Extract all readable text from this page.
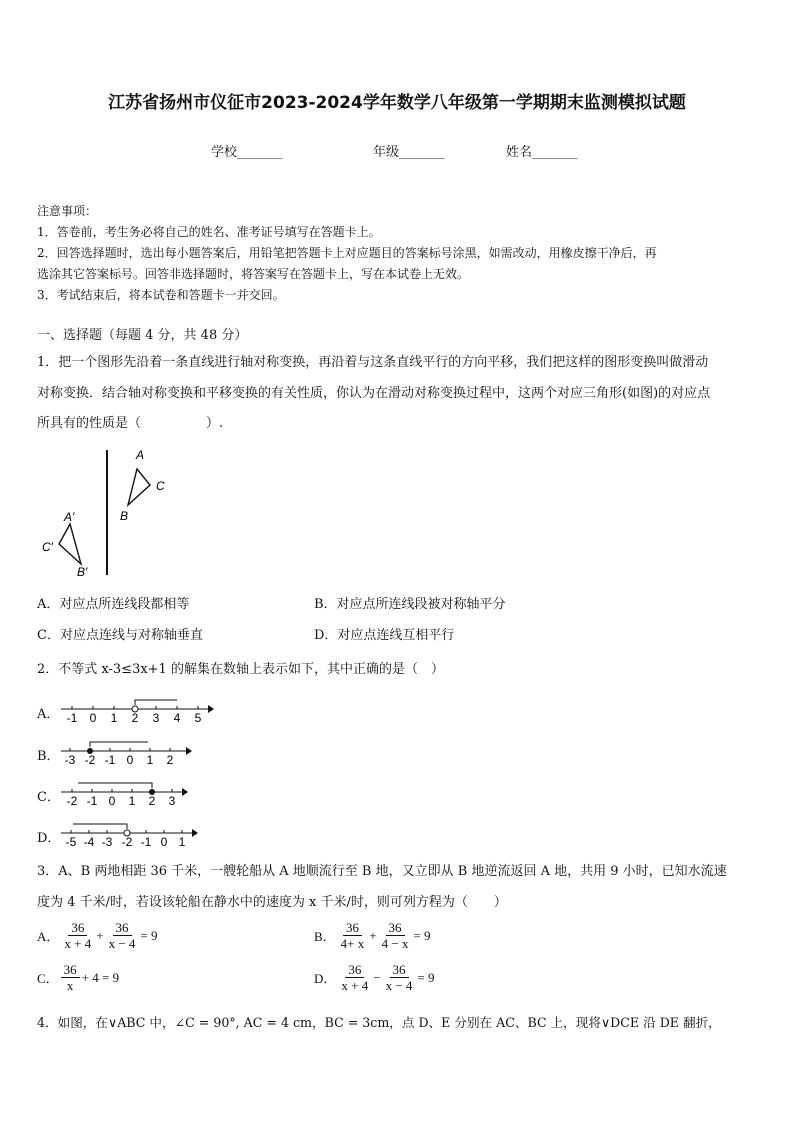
江苏省扬州市仪征市2023-2024学年数学八年级第一学期期末监测模拟试题
学校_______	年级_______	姓名_______
注意事项：
1．答卷前，考生务必将自己的姓名、准考证号填写在答题卡上。
2．回答选择题时，选出每小题答案后，用铅笔把答题卡上对应题目的答案标号涂黑，如需改动，用橡皮擦干净后，再
选涂其它答案标号。回答非选择题时，将答案写在答题卡上，写在本试卷上无效。
3．考试结束后，将本试卷和答题卡一并交回。
一、选择题（每题 4 分，共 48 分）
1．把一个图形先沿着一条直线进行轴对称变换，再沿着与这条直线平行的方向平移，我们把这样的图形变换叫做滑动
对称变换．结合轴对称变换和平移变换的有关性质，你认为在滑动对称变换过程中，这两个对应三角形(如图)的对应点
所具有的性质是（　　　　　）.
A
C
B
A′
C′
B′
A．对应点所连线段都相等	B．对应点所连线段被对称轴平分
C．对应点连线与对称轴垂直	D．对应点连线互相平行
2．不等式 x-3≤3x+1 的解集在数轴上表示如下，其中正确的是（　）
A． -1 0 1 2 3 4 5
B． -3 -2 -1 0 1 2
C． -2 -1 0 1 2 3
D． -5 -4 -3 -2 -1 0 1
3．A、B 两地相距 36 千米，一艘轮船从 A 地顺流行至 B 地，又立即从 B 地逆流返回 A 地，共用 9 小时，已知水流速
度为 4 千米/时，若设该轮船在静水中的速度为 x 千米/时，则可列方程为（　　）
A． $\frac{36}{x + 4} + \frac{36}{x - 4} = 9$	B． $\frac{36}{4+ x} + \frac{36}{4 - x} = 9$
C． $\frac{36}{x} + 4 = 9$	D． $\frac{36}{x + 4} - \frac{36}{x - 4} = 9$
4．如图，在∨ABC 中，∠C = 90°, AC = 4 cm，BC = 3cm，点 D、E 分别在 AC、BC 上，现将∨DCE 沿 DE 翻折，
